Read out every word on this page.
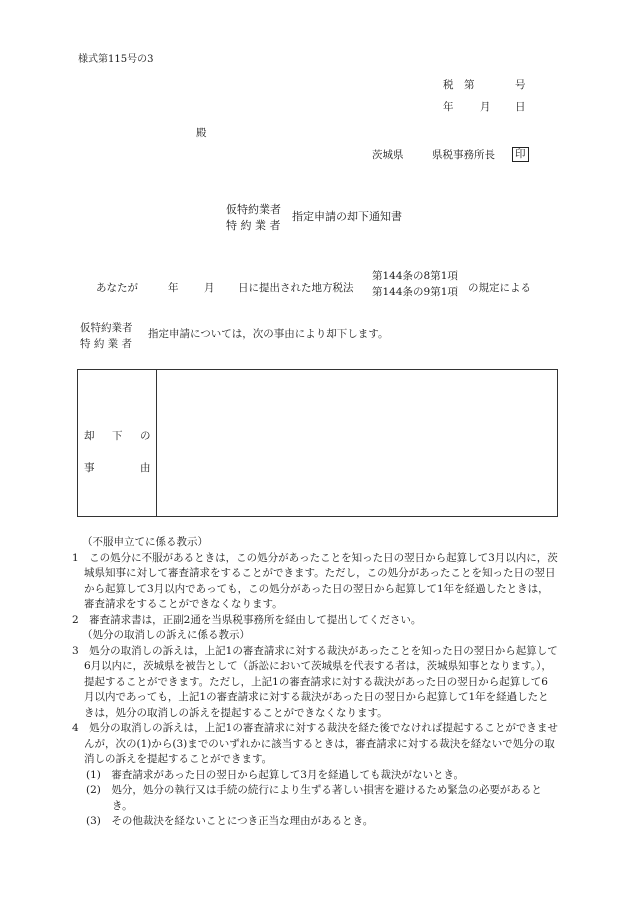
様式第115号の3
税 第	号
年	月 日
殿
茨城県	県税事務所長	印
仮特約業者
特 約 業 者
指定申請の却下通知書
あなたが	年 月 日に提出された地方税法
第144条の8第1項
第144条の9第1項 の規定による
仮特約業者
特 約 業 者
指定申請については，次の事由により却下します。
却 下 の
事	由

（不服申立てに係る教示）

1　この処分に不服があるときは，この処分があったことを知った日の翌日から起算して3月以内に，茨城県知事に対して審査請求をすることができます。ただし，この処分があったことを知った日の翌日から起算して3月以内であっても，この処分があった日の翌日から起算して1年を経過したときは，審査請求をすることができなくなります。

2　審査請求書は，正副2通を当県税事務所を経由して提出してください。

（処分の取消しの訴えに係る教示）

3　処分の取消しの訴えは，上記1の審査請求に対する裁決があったことを知った日の翌日から起算して6月以内に，茨城県を被告として（訴訟において茨城県を代表する者は，茨城県知事となります。），提起することができます。ただし，上記1の審査請求に対する裁決があった日の翌日から起算して6月以内であっても，上記1の審査請求に対する裁決があった日の翌日から起算して1年を経過したときは，処分の取消しの訴えを提起することができなくなります。

4　処分の取消しの訴えは，上記1の審査請求に対する裁決を経た後でなければ提起することができませんが，次の(1)から(3)までのいずれかに該当するときは，審査請求に対する裁決を経ないで処分の取消しの訴えを提起することができます。

(1)　審査請求があった日の翌日から起算して3月を経過しても裁決がないとき。

(2)　処分，処分の執行又は手続の続行により生ずる著しい損害を避けるため緊急の必要があるとき。

(3)　その他裁決を経ないことにつき正当な理由があるとき。
